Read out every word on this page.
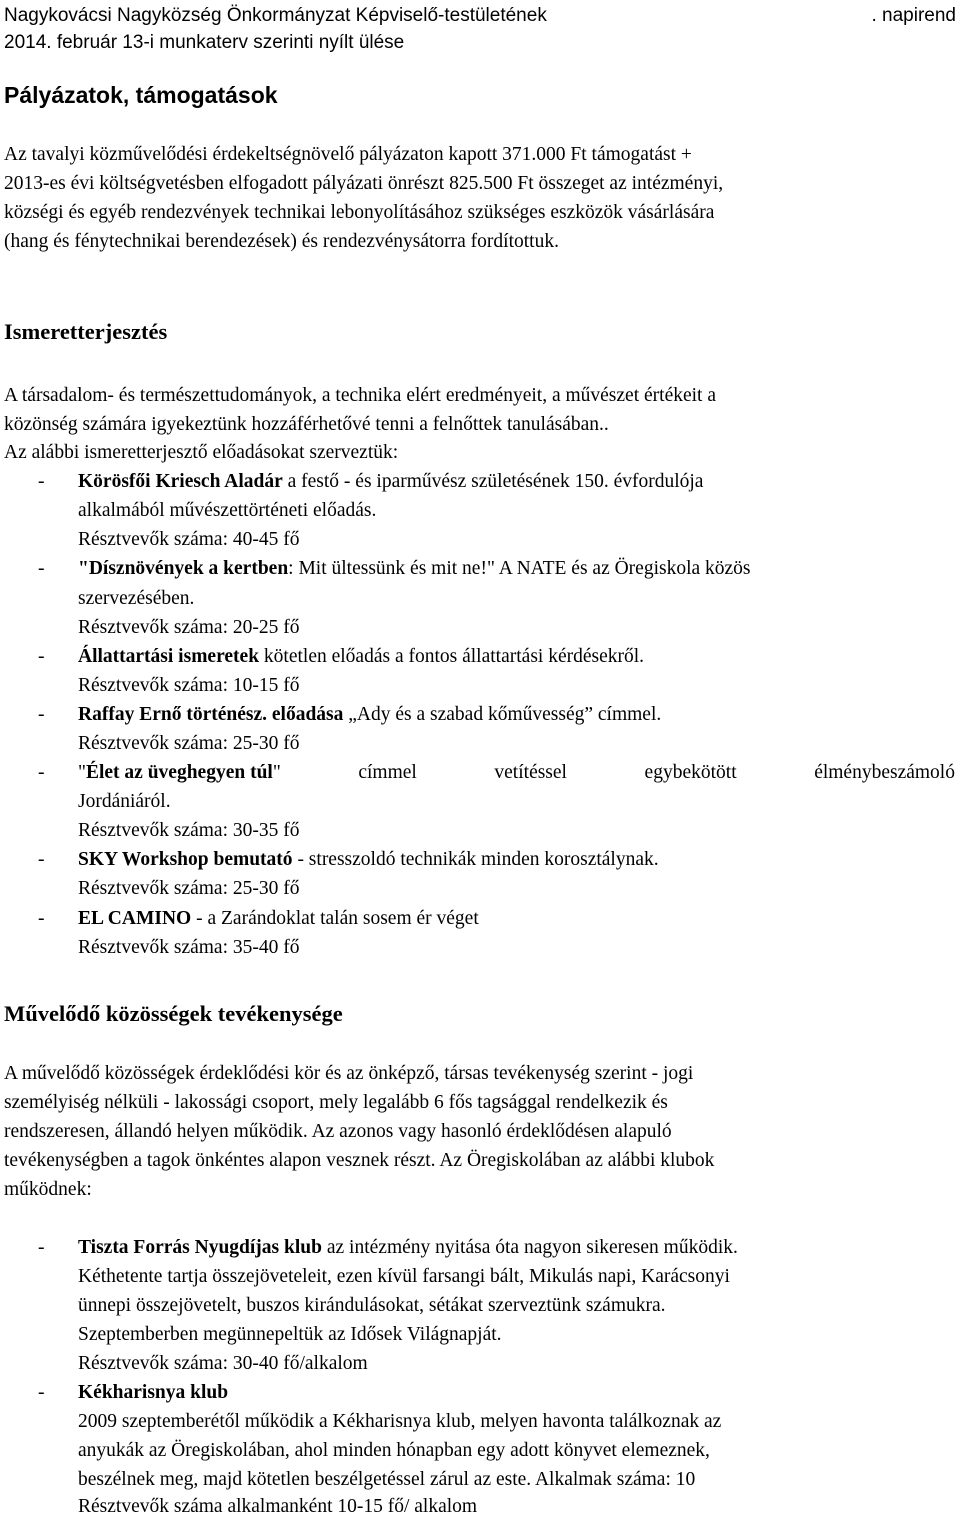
Nagykovácsi Nagyközség Önkormányzat Képviselő-testületének	. napirend
2014. február 13-i munkaterv szerinti nyílt ülése
Pályázatok, támogatások
Az tavalyi közművelődési érdekeltségnövelő pályázaton kapott 371.000 Ft támogatást +
2013-es évi költségvetésben elfogadott pályázati önrészt 825.500 Ft összeget az intézményi,
községi és egyéb rendezvények technikai lebonyolításához szükséges eszközök vásárlására
(hang és fénytechnikai berendezések) és rendezvénysátorra fordítottuk.
Ismeretterjesztés
A társadalom- és természettudományok, a technika elért eredményeit, a művészet értékeit a
közönség számára igyekeztünk hozzáférhetővé tenni a felnőttek tanulásában..
Az alábbi ismeretterjesztő előadásokat szerveztük:
- Körösfői Kriesch Aladár a festő - és iparművész születésének 150. évfordulója
alkalmából művészettörténeti előadás.
Résztvevők száma: 40-45 fő
- "Dísznövények a kertben: Mit ültessünk és mit ne!" A NATE és az Öregiskola közös
szervezésében.
Résztvevők száma: 20-25 fő
- Állattartási ismeretek kötetlen előadás a fontos állattartási kérdésekről.
Résztvevők száma: 10-15 fő
- Raffay Ernő történész. előadása „Ady és a szabad kőművesség” címmel.
Résztvevők száma: 25-30 fő
- "Élet az üveghegyen túl"	címmel	vetítéssel	egybekötött	élménybeszámoló
Jordániáról.
Résztvevők száma: 30-35 fő
- SKY Workshop bemutató - stresszoldó technikák minden korosztálynak.
Résztvevők száma: 25-30 fő
- EL CAMINO - a Zarándoklat talán sosem ér véget
Résztvevők száma: 35-40 fő
Művelődő közösségek tevékenysége
A művelődő közösségek érdeklődési kör és az önképző, társas tevékenység szerint - jogi
személyiség nélküli - lakossági csoport, mely legalább 6 fős tagsággal rendelkezik és
rendszeresen, állandó helyen működik. Az azonos vagy hasonló érdeklődésen alapuló
tevékenységben a tagok önkéntes alapon vesznek részt. Az Öregiskolában az alábbi klubok
működnek:
- Tiszta Forrás Nyugdíjas klub az intézmény nyitása óta nagyon sikeresen működik.
Kéthetente tartja összejöveteleit, ezen kívül farsangi bált, Mikulás napi, Karácsonyi
ünnepi összejövetelt, buszos kirándulásokat, sétákat szerveztünk számukra.
Szeptemberben megünnepeltük az Idősek Világnapját.
Résztvevők száma: 30-40 fő/alkalom
- Kékharisnya klub
2009 szeptemberétől működik a Kékharisnya klub, melyen havonta találkoznak az
anyukák az Öregiskolában, ahol minden hónapban egy adott könyvet elemeznek,
beszélnek meg, majd kötetlen beszélgetéssel zárul az este. Alkalmak száma: 10
Résztvevők száma alkalmanként 10-15 fő/ alkalom
